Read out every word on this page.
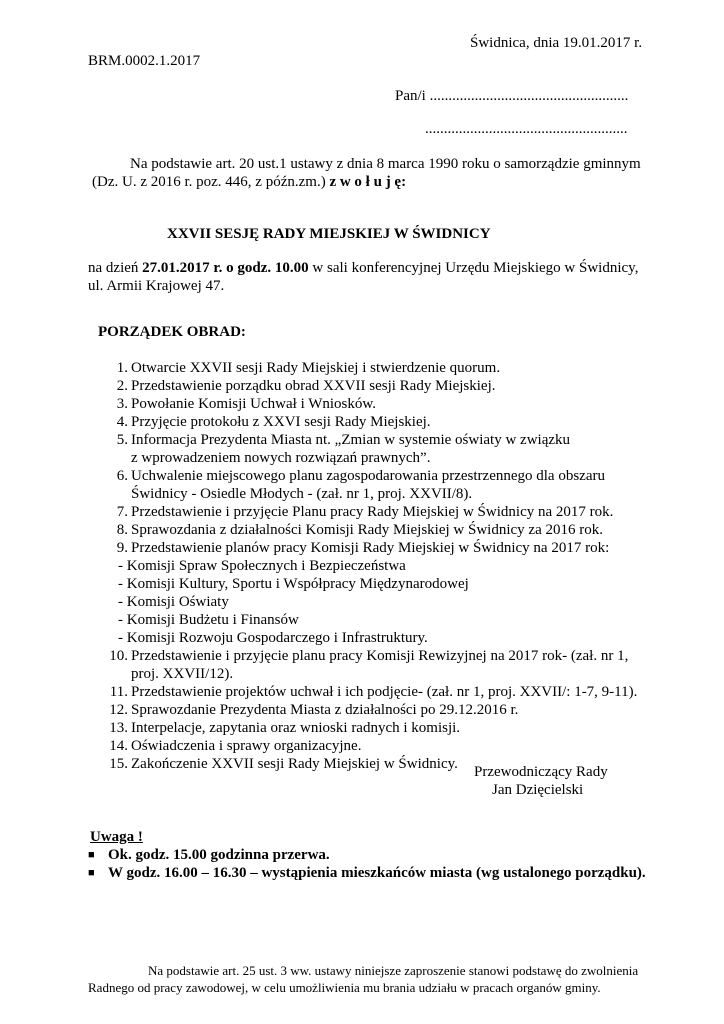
Świdnica, dnia 19.01.2017 r.
BRM.0002.1.2017
Pan/i .....................................................
......................................................
Na podstawie art. 20 ust.1 ustawy z dnia 8 marca 1990 roku o samorządzie gminnym
(Dz. U. z 2016 r. poz. 446, z późn.zm.) z w o ł u j ę:
XXVII SESJĘ RADY MIEJSKIEJ W ŚWIDNICY
na dzień 27.01.2017 r. o godz. 10.00 w sali konferencyjnej Urzędu Miejskiego w Świdnicy,
ul. Armii Krajowej 47.
PORZĄDEK OBRAD:
1. Otwarcie XXVII sesji Rady Miejskiej i stwierdzenie quorum.
2. Przedstawienie porządku obrad XXVII sesji Rady Miejskiej.
3. Powołanie Komisji Uchwał i Wniosków.
4. Przyjęcie protokołu z XXVI sesji Rady Miejskiej.
5. Informacja Prezydenta Miasta nt. „Zmian w systemie oświaty w związku
z wprowadzeniem nowych rozwiązań prawnych”.
6. Uchwalenie miejscowego planu zagospodarowania przestrzennego dla obszaru
Świdnicy - Osiedle Młodych - (zał. nr 1, proj. XXVII/8).
7. Przedstawienie i przyjęcie Planu pracy Rady Miejskiej w Świdnicy na 2017 rok.
8. Sprawozdania z działalności Komisji Rady Miejskiej w Świdnicy za 2016 rok.
9. Przedstawienie planów pracy Komisji Rady Miejskiej w Świdnicy na 2017 rok:
- Komisji Spraw Społecznych i Bezpieczeństwa
- Komisji Kultury, Sportu i Współpracy Międzynarodowej
- Komisji Oświaty
- Komisji Budżetu i Finansów
- Komisji Rozwoju Gospodarczego i Infrastruktury.
10. Przedstawienie i przyjęcie planu pracy Komisji Rewizyjnej na 2017 rok- (zał. nr 1,
proj. XXVII/12).
11. Przedstawienie projektów uchwał i ich podjęcie- (zał. nr 1, proj. XXVII/: 1-7, 9-11).
12. Sprawozdanie Prezydenta Miasta z działalności po 29.12.2016 r.
13. Interpelacje, zapytania oraz wnioski radnych i komisji.
14. Oświadczenia i sprawy organizacyjne.
15. Zakończenie XXVII sesji Rady Miejskiej w Świdnicy. Przewodniczący Rady
Jan Dzięcielski
Uwaga !
■ Ok. godz. 15.00 godzinna przerwa.
■ W godz. 16.00 – 16.30 – wystąpienia mieszkańców miasta (wg ustalonego porządku).
Na podstawie art. 25 ust. 3 ww. ustawy niniejsze zaproszenie stanowi podstawę do zwolnienia
Radnego od pracy zawodowej, w celu umożliwienia mu brania udziału w pracach organów gminy.
